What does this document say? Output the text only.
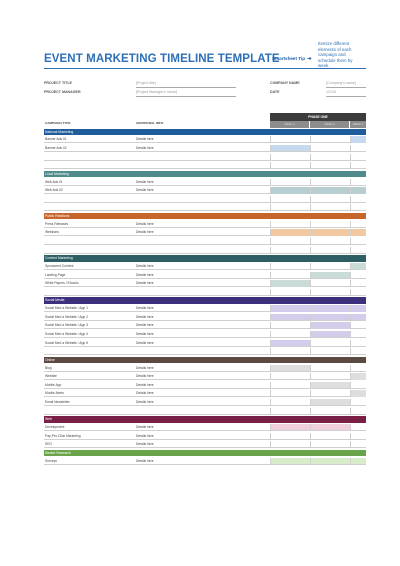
EVENT MARKETING TIMELINE TEMPLATE
Smartsheet Tip ➔
Itemize different elements of each campaign and schedule them by week.
PROJECT TITLE	[Project title]
PROJECT MANAGER	[Project Manager's name]
COMPANY NAME	[Company's name]
DATE	1/1/16
CAMPAIGN TYPE	ADDITIONAL INFO
PHASE ONE
WEEK 1	WEEK 2	WEEK 3
National Marketing
Banner Ads 01	Details here
Banner Ads 02	Details here
Local Marketing
Web Ads 01	Details here
Web Ads 02	Details here
Public Relations
Press Releases	Details here
Webinars	Details here
Content Marketing
Sponsored Content	Details here
Landing Page	Details here
White Papers / Ebooks	Details here
Social Media
Social Med a Website / App 1	Details here
Social Med a Website / App 2	Details here
Social Med a Website / App 3	Details here
Social Med a Website / App 4	Details here
Social Med a Website / App 5	Details here
Online
Blog	Details here
Website	Details here
Mobile App	Details here
Mobile Alerts	Details here
Email Newsletter	Details here
Web
Development	Details here
Pay-Per-Click Marketing	Details here
SEO	Details here
Market Research
Surveys	Details here
